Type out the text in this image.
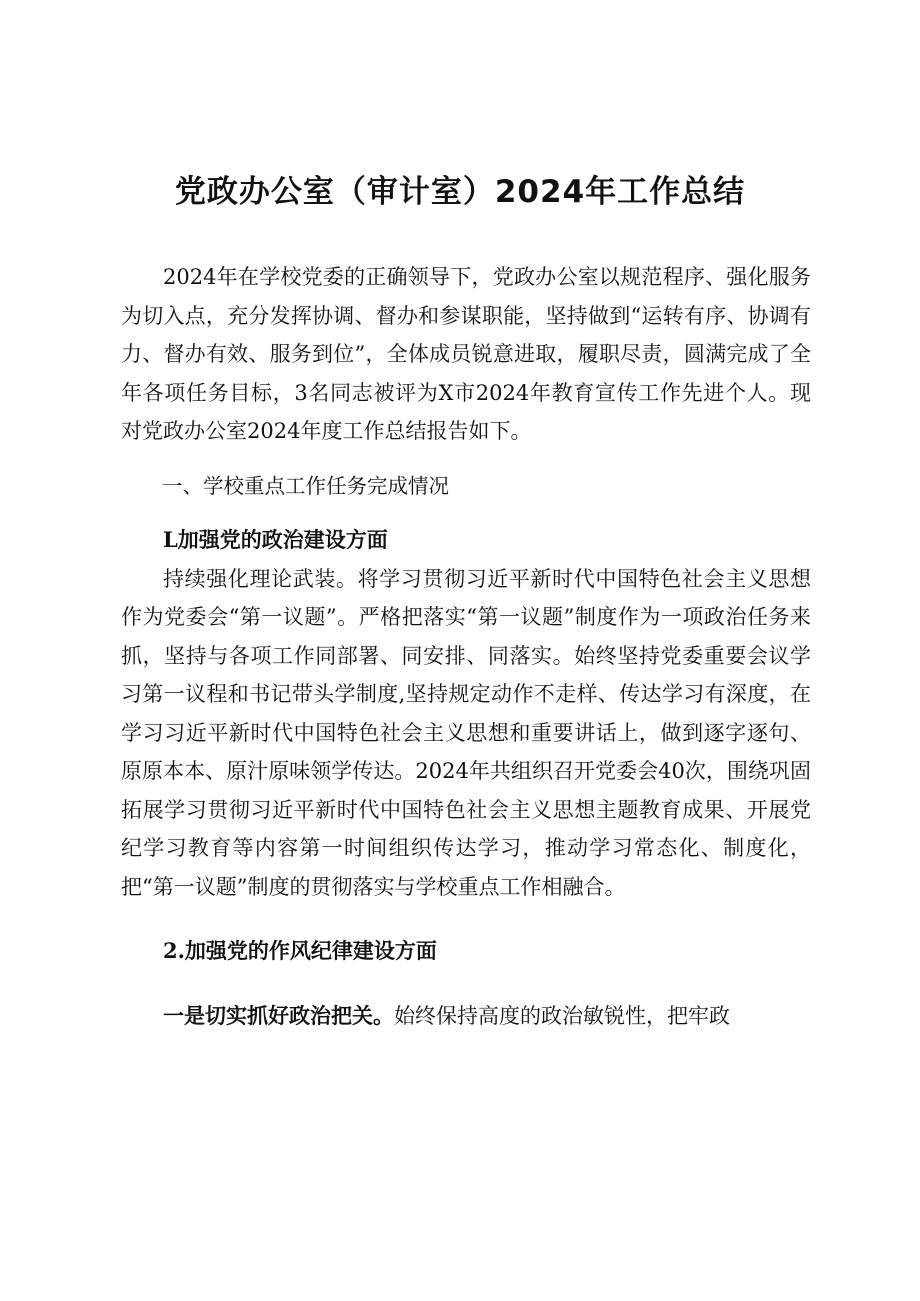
党政办公室（审计室）2024年工作总结

2024年在学校党委的正确领导下，党政办公室以规范程序、强化服务为切入点，充分发挥协调、督办和参谋职能，坚持做到“运转有序、协调有力、督办有效、服务到位”，全体成员锐意进取，履职尽责，圆满完成了全年各项任务目标，3名同志被评为X市2024年教育宣传工作先进个人。现对党政办公室2024年度工作总结报告如下。

一、学校重点工作任务完成情况

L加强党的政治建设方面

持续强化理论武装。将学习贯彻习近平新时代中国特色社会主义思想作为党委会“第一议题”。严格把落实“第一议题”制度作为一项政治任务来抓，坚持与各项工作同部署、同安排、同落实。始终坚持党委重要会议学习第一议程和书记带头学制度,坚持规定动作不走样、传达学习有深度，在学习习近平新时代中国特色社会主义思想和重要讲话上，做到逐字逐句、原原本本、原汁原味领学传达。2024年共组织召开党委会40次，围绕巩固拓展学习贯彻习近平新时代中国特色社会主义思想主题教育成果、开展党纪学习教育等内容第一时间组织传达学习，推动学习常态化、制度化，把“第一议题”制度的贯彻落实与学校重点工作相融合。

2.加强党的作风纪律建设方面

一是切实抓好政治把关。始终保持高度的政治敏锐性，把牢政
